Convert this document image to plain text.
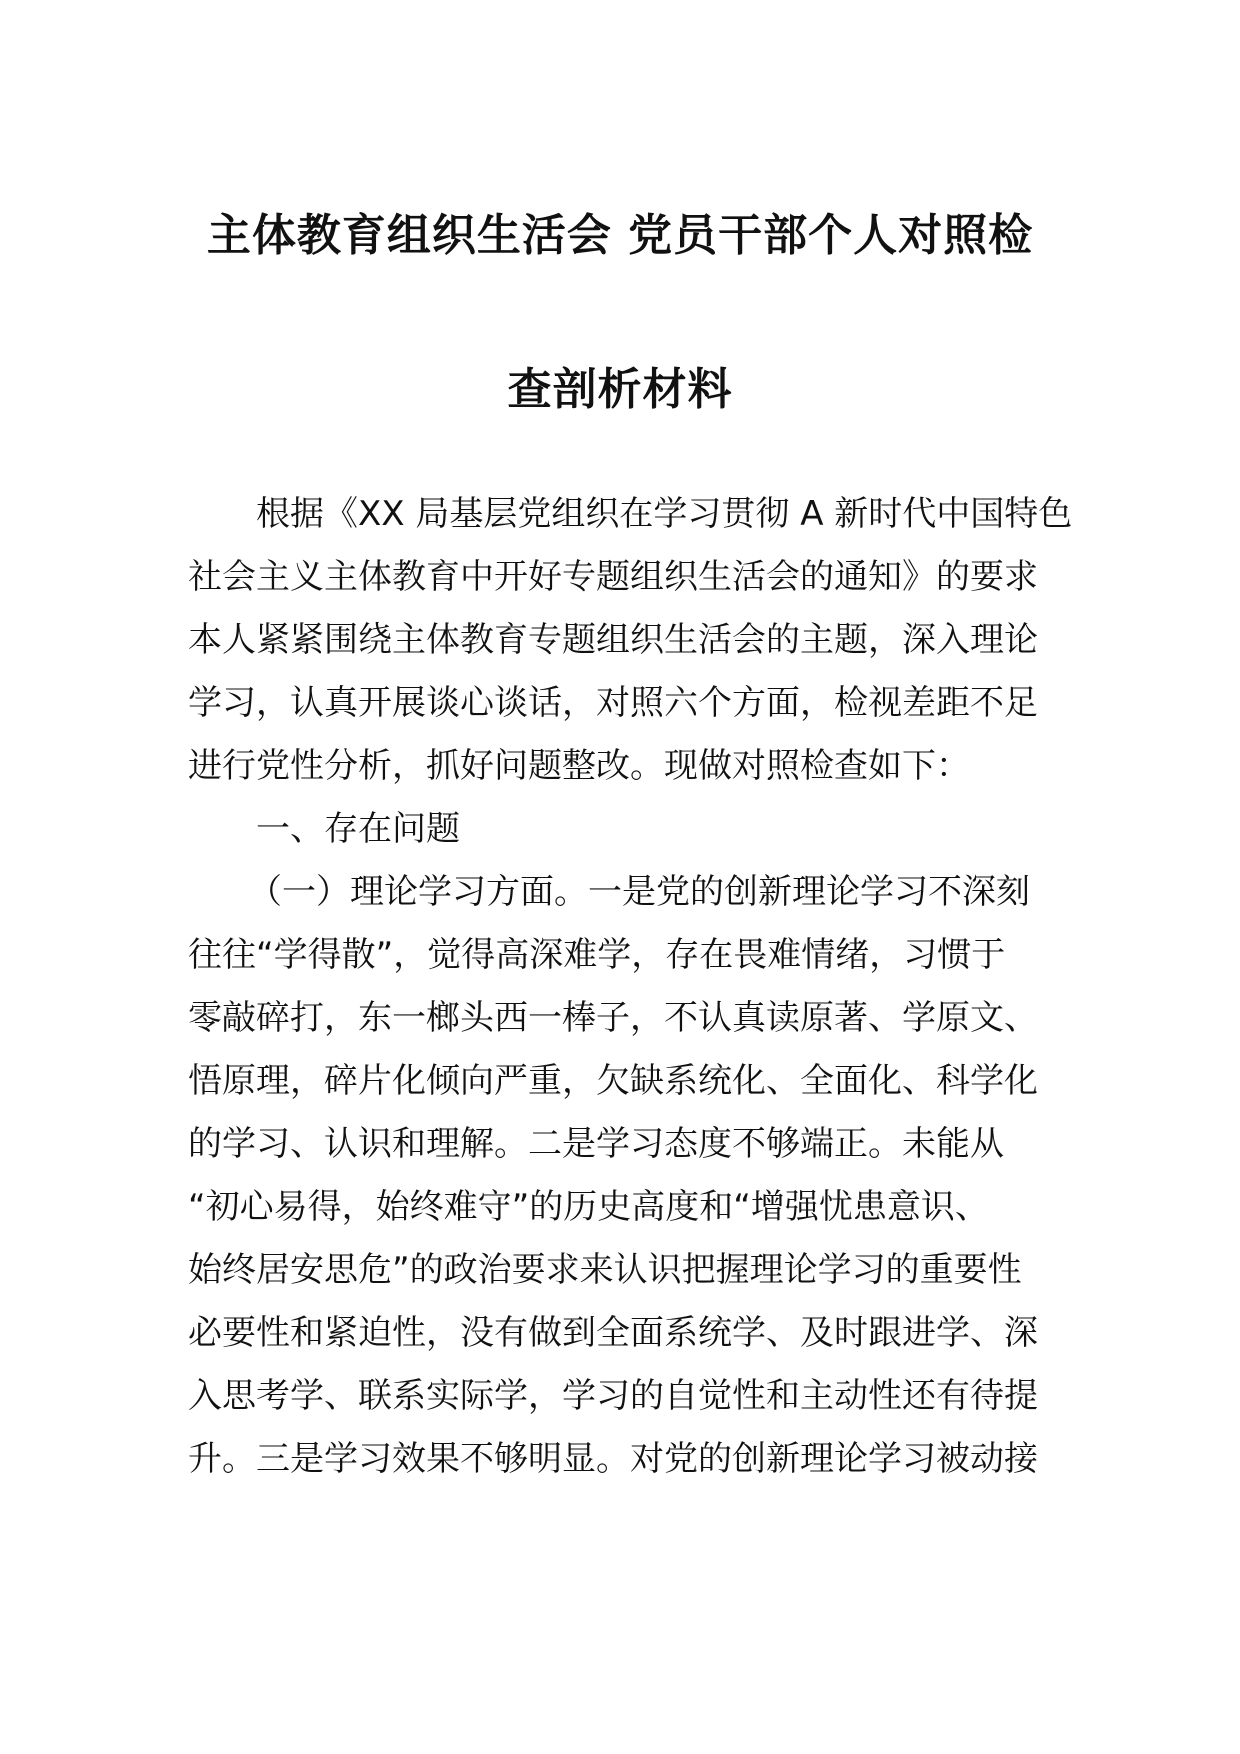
主体教育组织生活会 党员干部个人对照检
查剖析材料

根据《XX 局基层党组织在学习贯彻 A 新时代中国特色

社会主义主体教育中开好专题组织生活会的通知》的要求

本人紧紧围绕主体教育专题组织生活会的主题，深入理论

学习，认真开展谈心谈话，对照六个方面，检视差距不足

进行党性分析，抓好问题整改。现做对照检查如下：

一、存在问题

（一）理论学习方面。一是党的创新理论学习不深刻

往往“学得散”，觉得高深难学，存在畏难情绪，习惯于

零敲碎打，东一榔头西一棒子，不认真读原著、学原文、

悟原理，碎片化倾向严重，欠缺系统化、全面化、科学化

的学习、认识和理解。二是学习态度不够端正。未能从

“初心易得，始终难守”的历史高度和“增强忧患意识、

始终居安思危”的政治要求来认识把握理论学习的重要性

必要性和紧迫性，没有做到全面系统学、及时跟进学、深

入思考学、联系实际学，学习的自觉性和主动性还有待提

升。三是学习效果不够明显。对党的创新理论学习被动接
